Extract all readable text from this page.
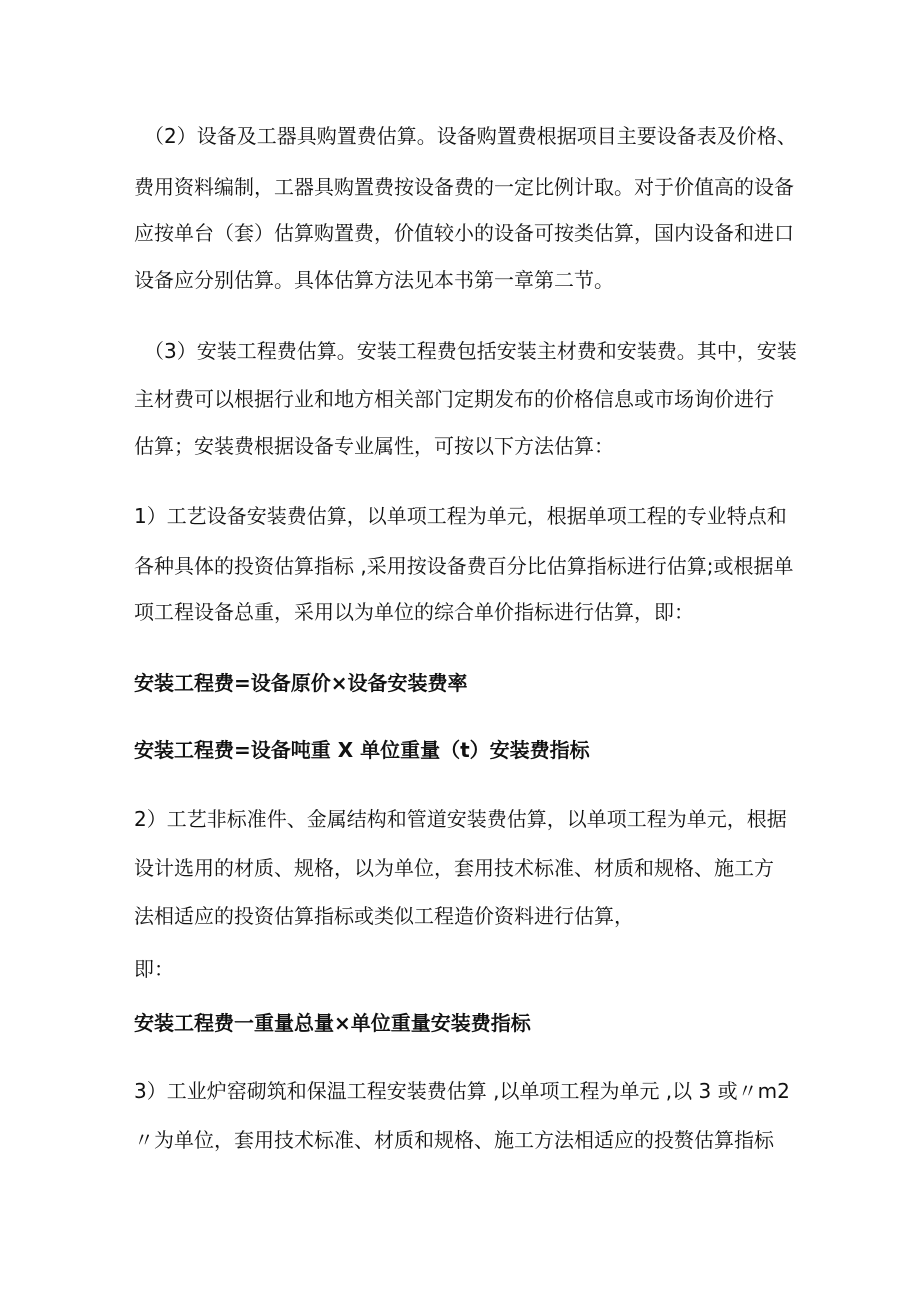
（2）设备及工器具购置费估算。设备购置费根据项目主要设备表及价格、
费用资料编制，工器具购置费按设备费的一定比例计取。对于价值高的设备
应按单台（套）估算购置费，价值较小的设备可按类估算，国内设备和进口
设备应分别估算。具体估算方法见本书第一章第二节。
（3）安装工程费估算。安装工程费包括安装主材费和安装费。其中，安装
主材费可以根据行业和地方相关部门定期发布的价格信息或市场询价进行
估算；安装费根据设备专业属性，可按以下方法估算：
1）工艺设备安装费估算，以单项工程为单元，根据单项工程的专业特点和
各种具体的投资估算指标 ,采用按设备费百分比估算指标进行估算;或根据单
项工程设备总重，采用以为单位的综合单价指标进行估算，即：
安装工程费=设备原价×设备安装费率
安装工程费=设备吨重 X 单位重量（t）安装费指标
2）工艺非标准件、金属结构和管道安装费估算，以单项工程为单元，根据
设计选用的材质、规格，以为单位，套用技术标准、材质和规格、施工方
法相适应的投资估算指标或类似工程造价资料进行估算，
即：
安装工程费一重量总量×单位重量安装费指标
3）工业炉窑砌筑和保温工程安装费估算 ,以单项工程为单元 ,以 3 或〃m2
〃为单位，套用技术标准、材质和规格、施工方法相适应的投赘估算指标
